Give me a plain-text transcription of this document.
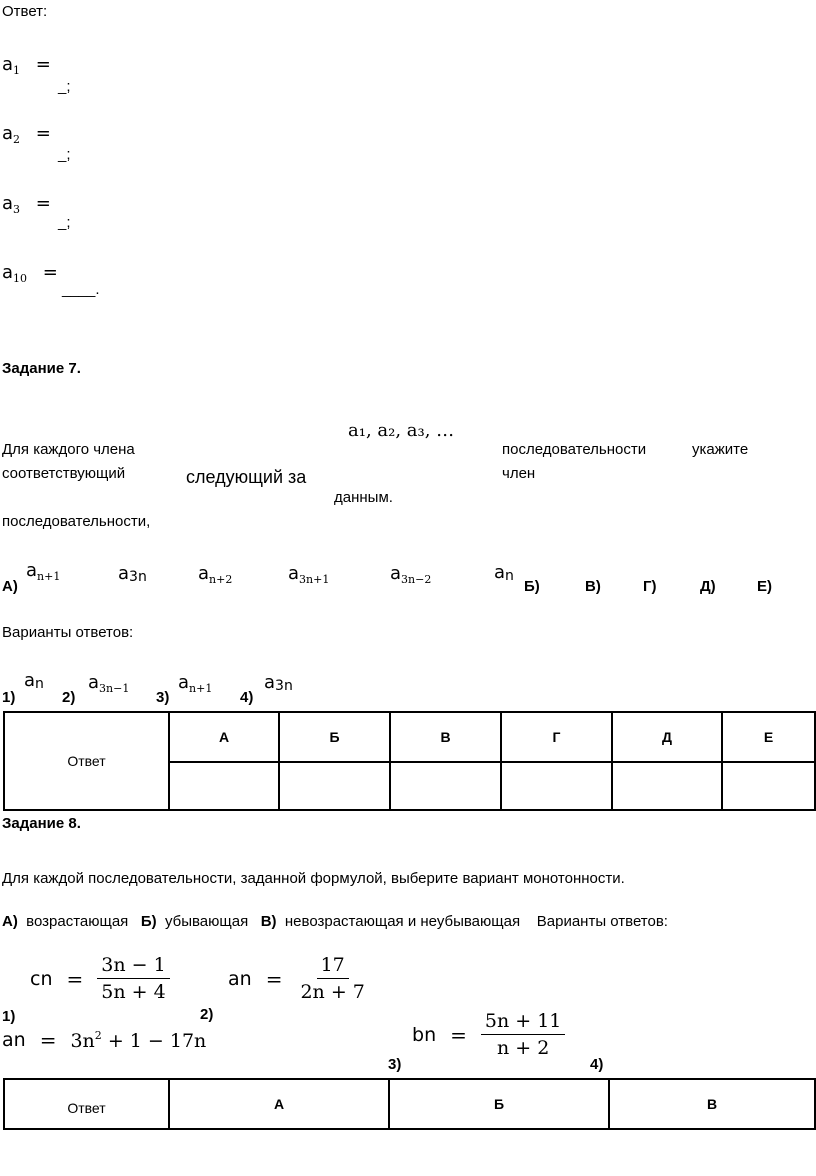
Ответ:
$a_1$ =
_;
$a_2$ =
_;
$a_3$ =
_;
$a_{10}$ =
____.
Задание 7.
a₁, a₂, a₃, …
Для каждого члена	последовательности	укажите
соответствующий	следующий за	член
данным.
последовательности,
А)
$a_{n+1}$	$a_{3n}$	$a_{n+2}$	$a_{3n+1}$	$a_{3n-2}$	$a_n$
Б)	В)	Г)	Д)	Е)
Варианты ответов:
1)
$a_n$
2)
$a_{3n-1}$
3)
$a_{n+1}$
4)
$a_{3n}$
Ответ	А	Б	В	Г	Д	Е

Задание 8.
Для каждой последовательности, заданной формулой, выберите вариант монотонности.
А) возрастающая Б) убывающая В) невозрастающая и неубывающая Варианты ответов:
cn = $\frac{3n - 1}{5n + 4}$	an = $\frac{17}{2n + 7}$
1)	2)
an = $3n^2 + 1 - 17n$	bn = $\frac{5n + 11}{n + 2}$
3)	4)
Ответ	А	Б	В
